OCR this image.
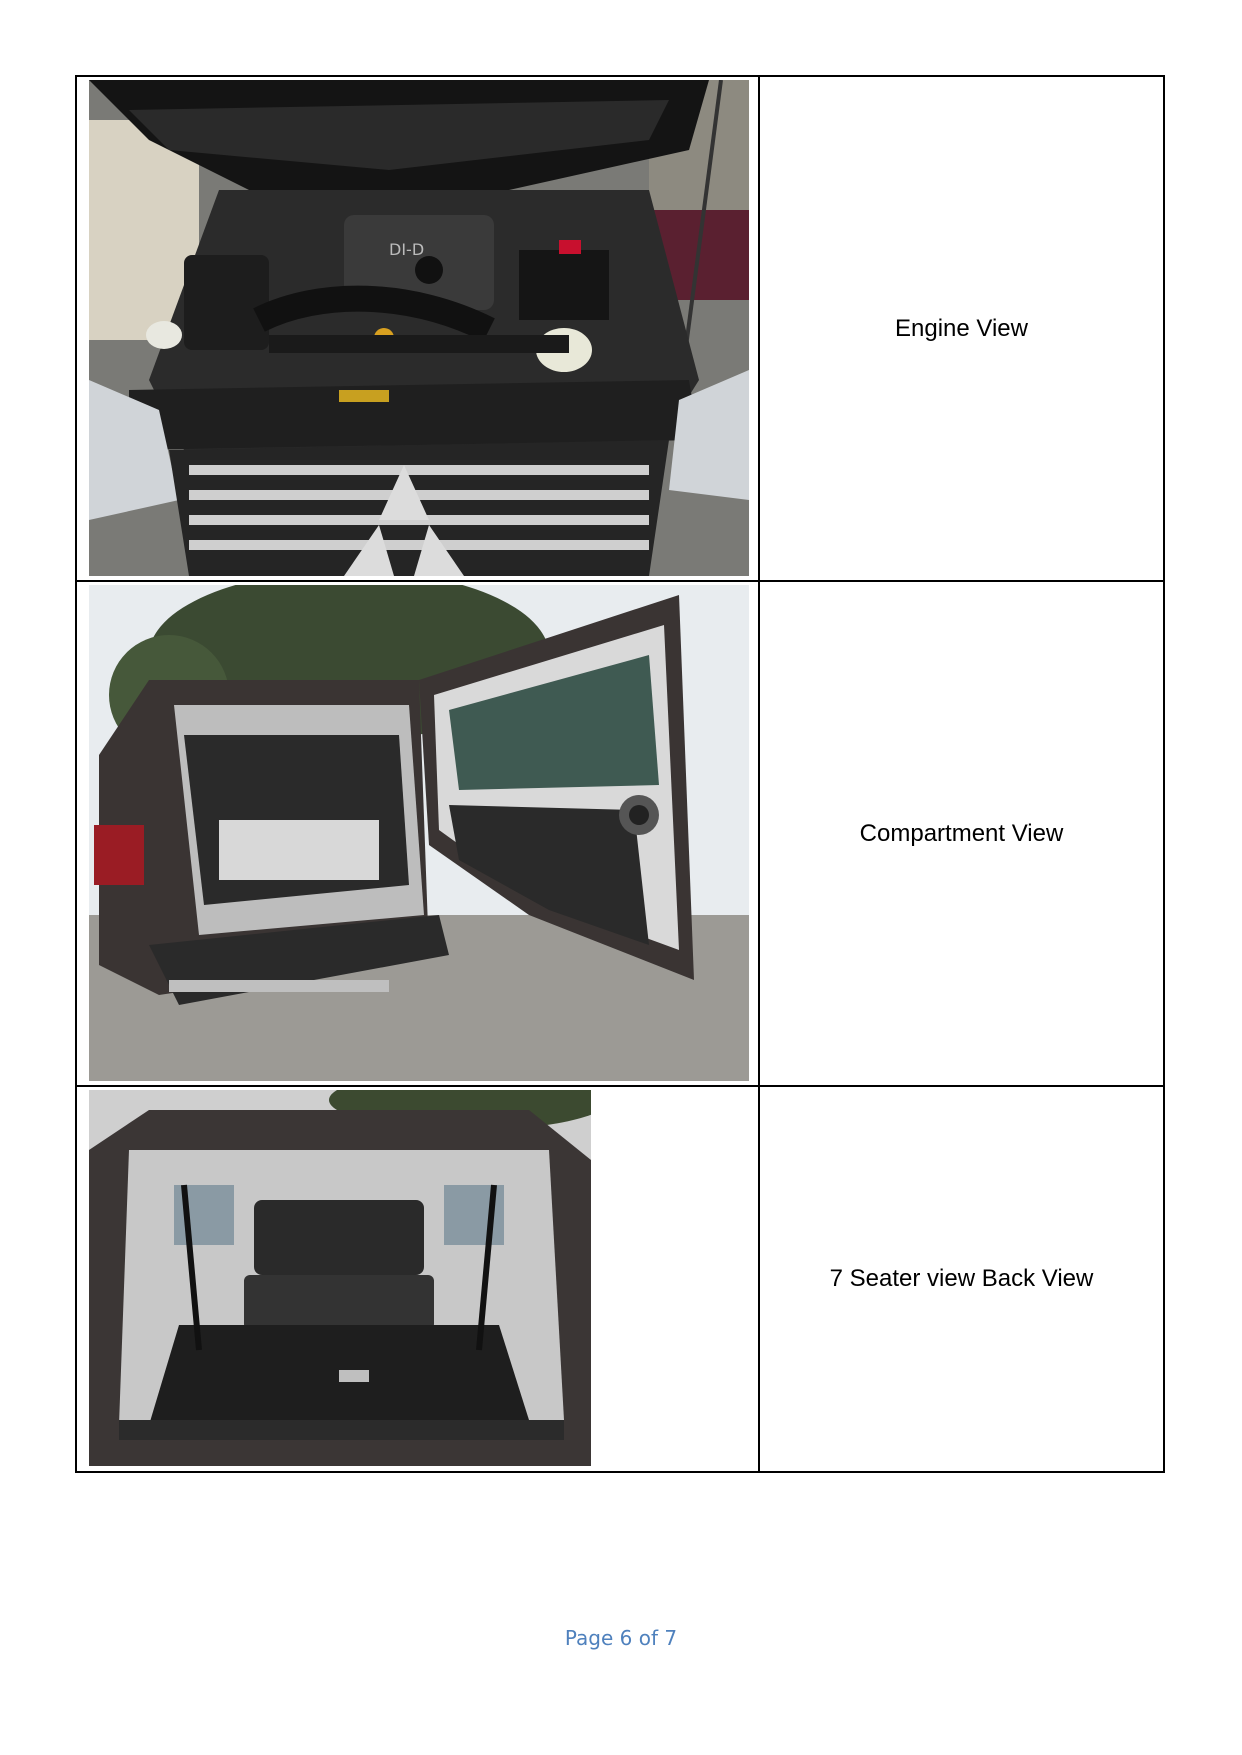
DI-D	Engine View

	Compartment View

	7 Seater view Back View
Page 6 of 7
